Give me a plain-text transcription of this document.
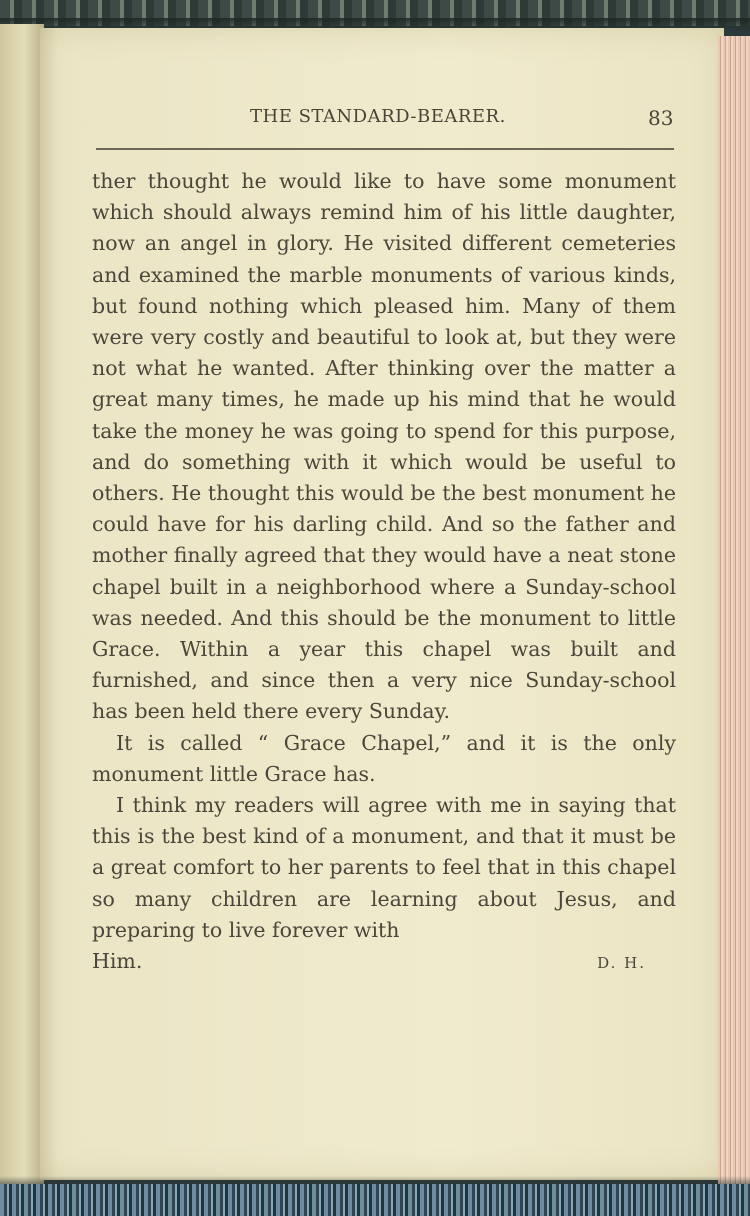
THE STANDARD-BEARER.	83

ther thought he would like to have some monument which should always remind him of his little daughter, now an angel in glory. He visited different cemeteries and examined the marble monuments of various kinds, but found nothing which pleased him. Many of them were very costly and beautiful to look at, but they were not what he wanted. After thinking over the matter a great many times, he made up his mind that he would take the money he was going to spend for this purpose, and do something with it which would be useful to others. He thought this would be the best monument he could have for his darling child. And so the father and mother finally agreed that they would have a neat stone chapel built in a neighborhood where a Sunday-school was needed. And this should be the monument to little Grace. Within a year this chapel was built and furnished, and since then a very nice Sunday-school has been held there every Sunday.

It is called “ Grace Chapel,” and it is the only monument little Grace has.

I think my readers will agree with me in saying that this is the best kind of a monument, and that it must be a great comfort to her parents to feel that in this chapel so many children are learning about Jesus, and preparing to live forever with

Him.	D. H.
